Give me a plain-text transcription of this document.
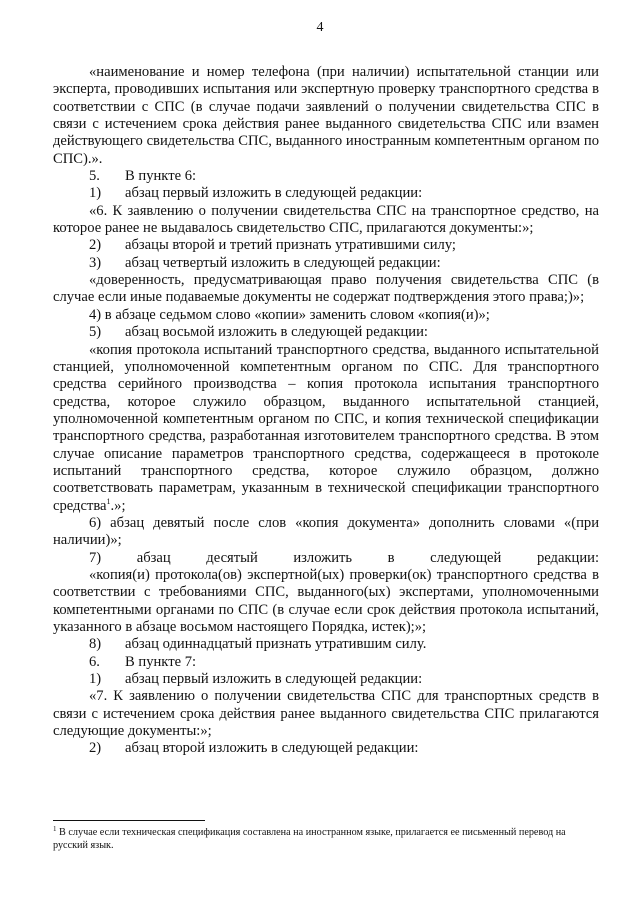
4

«наименование и номер телефона (при наличии) испытательной станции или эксперта, проводивших испытания или экспертную проверку транспортного средства в соответствии с СПС (в случае подачи заявлений о получении свидетельства СПС в связи с истечением срока действия ранее выданного свидетельства СПС или взамен действующего свидетельства СПС, выданного иностранным компетентным органом по СПС).».

5. В пункте 6:

1) абзац первый изложить в следующей редакции:

«6. К заявлению о получении свидетельства СПС на транспортное средство, на которое ранее не выдавалось свидетельство СПС, прилагаются документы:»;

2) абзацы второй и третий признать утратившими силу;

3) абзац четвертый изложить в следующей редакции:

«доверенность, предусматривающая право получения свидетельства СПС (в случае если иные подаваемые документы не содержат подтверждения этого права;)»;

4) в абзаце седьмом слово «копии» заменить словом «копия(и)»;

5) абзац восьмой изложить в следующей редакции:

«копия протокола испытаний транспортного средства, выданного испытательной станцией, уполномоченной компетентным органом по СПС. Для транспортного средства серийного производства – копия протокола испытания транспортного средства, которое служило образцом, выданного испытательной станцией, уполномоченной компетентным органом по СПС, и копия технической спецификации транспортного средства, разработанная изготовителем транспортного средства. В этом случае описание параметров транспортного средства, содержащееся в протоколе испытаний транспортного средства, которое служило образцом, должно соответствовать параметрам, указанным в технической спецификации транспортного средства$^1$.»;

6) абзац девятый после слов «копия документа» дополнить словами «(при наличии)»;

7) абзац десятый изложить в следующей редакции:

«копия(и) протокола(ов) экспертной(ых) проверки(ок) транспортного средства в соответствии с требованиями СПС, выданного(ых) экспертами, уполномоченными компетентными органами по СПС (в случае если срок действия протокола испытаний, указанного в абзаце восьмом настоящего Порядка, истек);»;

8) абзац одиннадцатый признать утратившим силу.

6. В пункте 7:

1) абзац первый изложить в следующей редакции:

«7. К заявлению о получении свидетельства СПС для транспортных средств в связи с истечением срока действия ранее выданного свидетельства СПС прилагаются следующие документы:»;

2) абзац второй изложить в следующей редакции:

$^1$ В случае если техническая спецификация составлена на иностранном языке, прилагается ее письменный перевод на русский язык.
